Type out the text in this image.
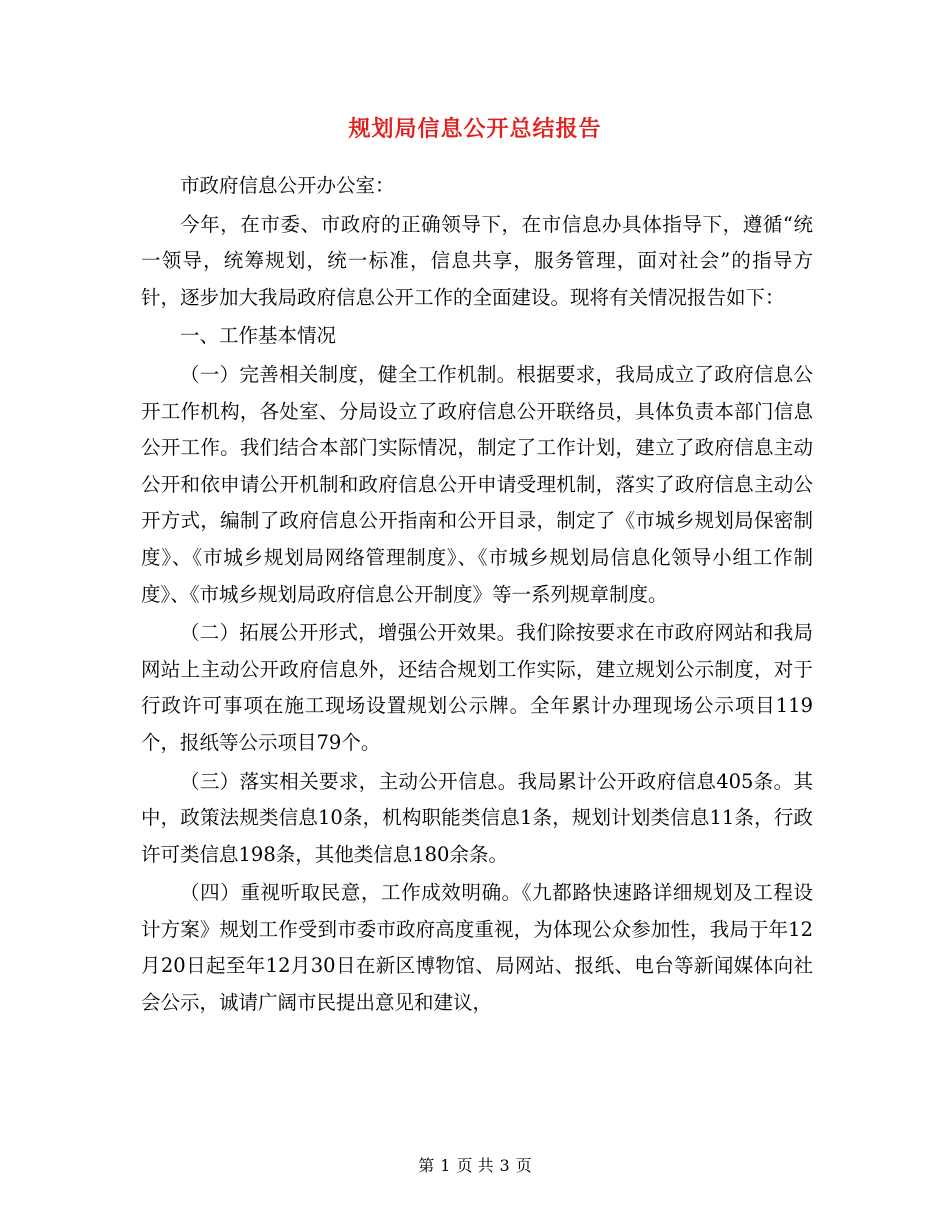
规划局信息公开总结报告

市政府信息公开办公室：

今年，在市委、市政府的正确领导下，在市信息办具体指导下，遵循“统一领导，统筹规划，统一标准，信息共享，服务管理，面对社会”的指导方针，逐步加大我局政府信息公开工作的全面建设。现将有关情况报告如下：

一、工作基本情况

（一）完善相关制度，健全工作机制。根据要求，我局成立了政府信息公开工作机构，各处室、分局设立了政府信息公开联络员，具体负责本部门信息公开工作。我们结合本部门实际情况，制定了工作计划，建立了政府信息主动公开和依申请公开机制和政府信息公开申请受理机制，落实了政府信息主动公开方式，编制了政府信息公开指南和公开目录，制定了《市城乡规划局保密制度》、《市城乡规划局网络管理制度》、《市城乡规划局信息化领导小组工作制度》、《市城乡规划局政府信息公开制度》等一系列规章制度。

（二）拓展公开形式，增强公开效果。我们除按要求在市政府网站和我局网站上主动公开政府信息外，还结合规划工作实际，建立规划公示制度，对于行政许可事项在施工现场设置规划公示牌。全年累计办理现场公示项目119个，报纸等公示项目79个。

（三）落实相关要求，主动公开信息。我局累计公开政府信息405条。其中，政策法规类信息10条，机构职能类信息1条，规划计划类信息11条，行政许可类信息198条，其他类信息180余条。

（四）重视听取民意，工作成效明确。《九都路快速路详细规划及工程设计方案》规划工作受到市委市政府高度重视，为体现公众参加性，我局于年12月20日起至年12月30日在新区博物馆、局网站、报纸、电台等新闻媒体向社会公示，诚请广阔市民提出意见和建议，

第 1 页 共 3 页
